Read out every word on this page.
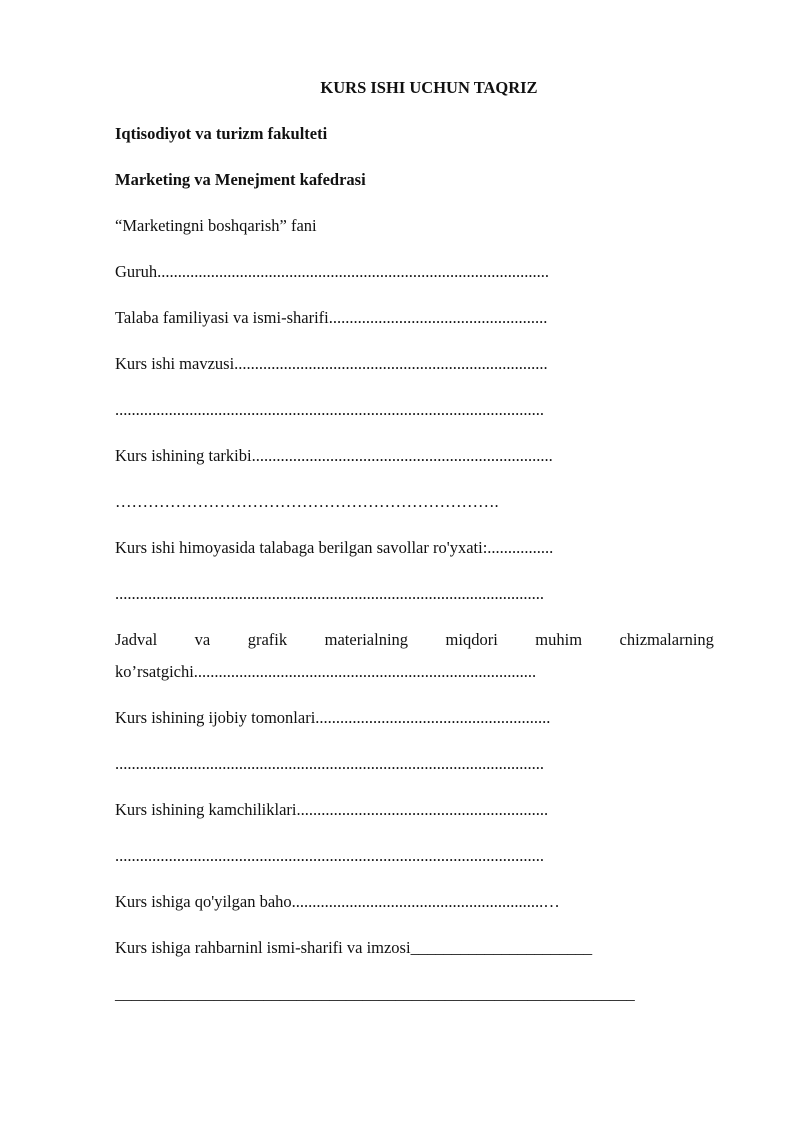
KURS ISHI UCHUN TAQRIZ
Iqtisodiyot va turizm fakulteti
Marketing va Menejment kafedrasi
“Marketingni boshqarish” fani
Guruh...............................................................................................
Talaba familiyasi va ismi-sharifi.....................................................
Kurs ishi mavzusi............................................................................
........................................................................................................
Kurs ishining tarkibi.........................................................................
…………………………………………………………….
Kurs ishi himoyasida talabaga berilgan savollar ro'yxati:................
........................................................................................................
Jadval va grafik materialning miqdori muhim chizmalarning
ko’rsatgichi...................................................................................
Kurs ishining ijobiy tomonlari.........................................................
........................................................................................................
Kurs ishining kamchiliklari.............................................................
........................................................................................................
Kurs ishiga qo'yilgan baho.............................................................…
Kurs ishiga rahbarninl ismi-sharifi va imzosi______________________
_______________________________________________________________
